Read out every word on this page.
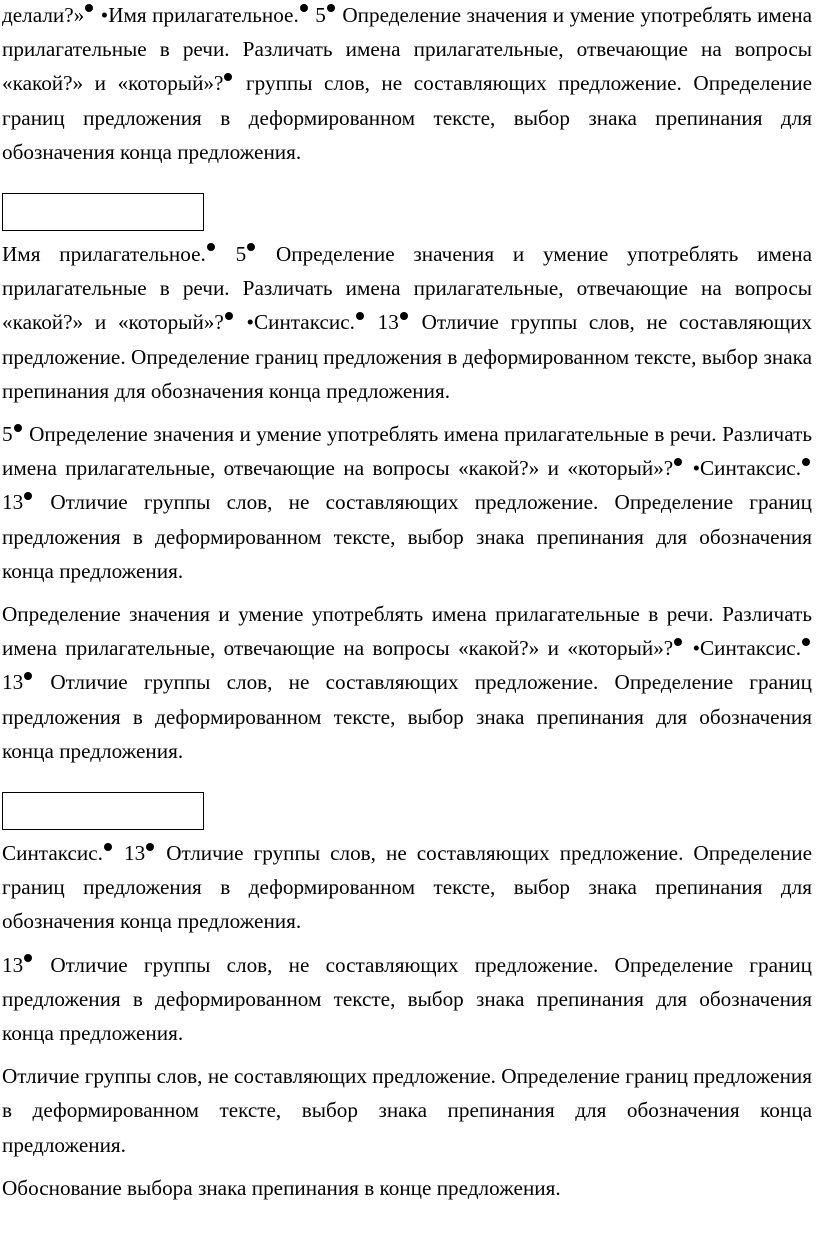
делали?» •Имя прилагательное. 5 Определение значения и умение употреблять имена прилагательные в речи. Различать имена прилагательные, отвечающие на вопросы «какой?» и «который»? группы слов, не составляющих предложение. Определение границ предложения в деформированном тексте, выбор знака препинания для обозначения конца предложения.

Имя прилагательное. 5 Определение значения и умение употреблять имена прилагательные в речи. Различать имена прилагательные, отвечающие на вопросы «какой?» и «который»? •Синтаксис. 13 Отличие группы слов, не составляющих предложение. Определение границ предложения в деформированном тексте, выбор знака препинания для обозначения конца предложения.

5 Определение значения и умение употреблять имена прилагательные в речи. Различать имена прилагательные, отвечающие на вопросы «какой?» и «который»? •Синтаксис. 13 Отличие группы слов, не составляющих предложение. Определение границ предложения в деформированном тексте, выбор знака препинания для обозначения конца предложения.

Определение значения и умение употреблять имена прилагательные в речи. Различать имена прилагательные, отвечающие на вопросы «какой?» и «который»? •Синтаксис. 13 Отличие группы слов, не составляющих предложение. Определение границ предложения в деформированном тексте, выбор знака препинания для обозначения конца предложения.

Синтаксис. 13 Отличие группы слов, не составляющих предложение. Определение границ предложения в деформированном тексте, выбор знака препинания для обозначения конца предложения.

13 Отличие группы слов, не составляющих предложение. Определение границ предложения в деформированном тексте, выбор знака препинания для обозначения конца предложения.

Отличие группы слов, не составляющих предложение. Определение границ предложения в деформированном тексте, выбор знака препинания для обозначения конца предложения.

Обоснование выбора знака препинания в конце предложения.
